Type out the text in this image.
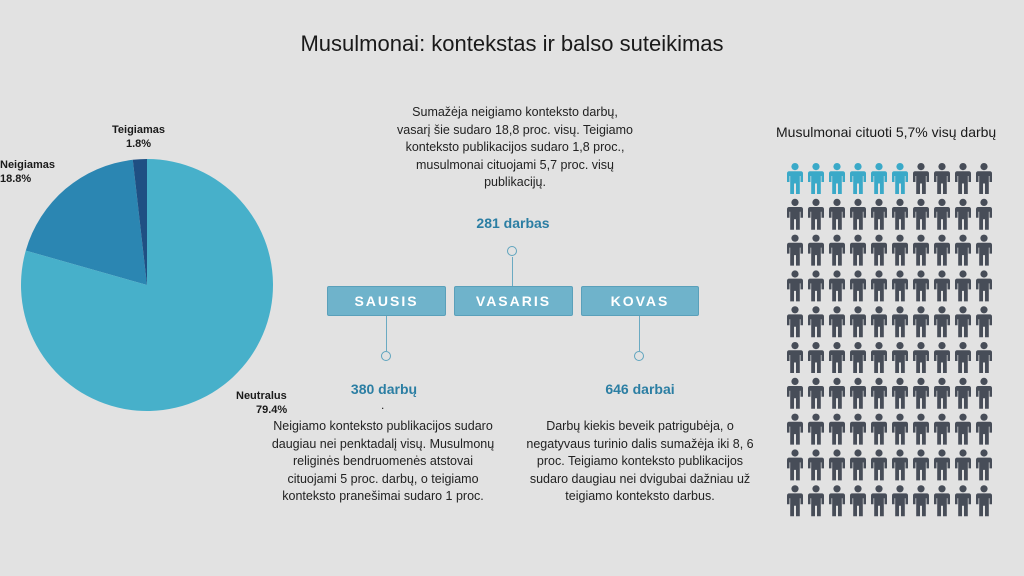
Musulmonai: kontekstas ir balso suteikimas
Teigiamas
1.8%
Neigiamas
18.8%
Neutralus
79.4%
Sumažėja neigiamo konteksto darbų,
vasarį šie sudaro 18,8 proc. visų. Teigiamo
konteksto publikacijos sudaro 1,8 proc.,
musulmonai cituojami 5,7 proc. visų
publikacijų.
281 darbas
SAUSIS	VASARIS	KOVAS
380 darbų
.
Neigiamo konteksto publikacijos sudaro
daugiau nei penktadalį visų. Musulmonų
religinės bendruomenės atstovai
cituojami 5 proc. darbų, o teigiamo
konteksto pranešimai sudaro 1 proc.
646 darbai
Darbų kiekis beveik patrigubėja, o
negatyvaus turinio dalis sumažėja iki 8, 6
proc. Teigiamo konteksto publikacijos
sudaro daugiau nei dvigubai dažniau už
teigiamo konteksto darbus.
Musulmonai cituoti 5,7% visų darbų
